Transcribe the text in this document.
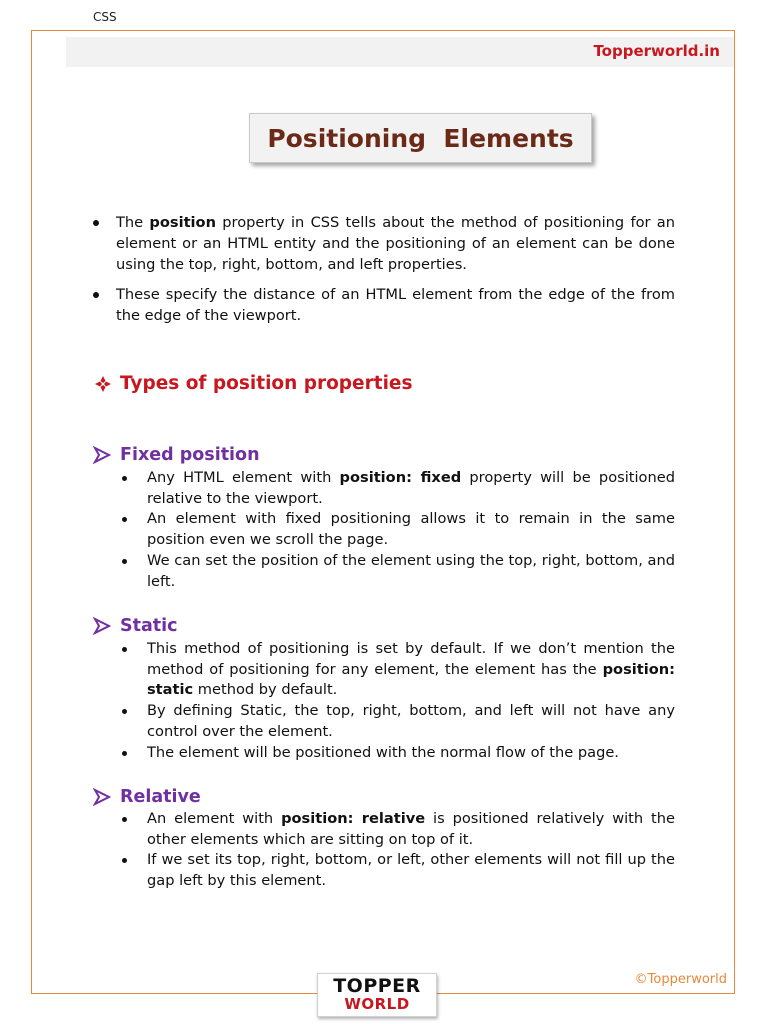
CSS
Topperworld.in
Positioning  Elements
The position property in CSS tells about the method of positioning for an element or an HTML entity and the positioning of an element can be done using the top, right, bottom, and left properties.
These specify the distance of an HTML element from the edge of the from the edge of the viewport.
Types of position properties
Fixed position
Any HTML element with position: fixed property will be positioned relative to the viewport.
An element with fixed positioning allows it to remain in the same position even we scroll the page.
We can set the position of the element using the top, right, bottom, and left.
Static
This method of positioning is set by default. If we don’t mention the method of positioning for any element, the element has the position: static method by default.
By defining Static, the top, right, bottom, and left will not have any control over the element.
The element will be positioned with the normal flow of the page.
Relative
An element with position: relative is positioned relatively with the other elements which are sitting on top of it.
If we set its top, right, bottom, or left, other elements will not fill up the gap left by this element.
©Topperworld
TOPPER
WORLD
